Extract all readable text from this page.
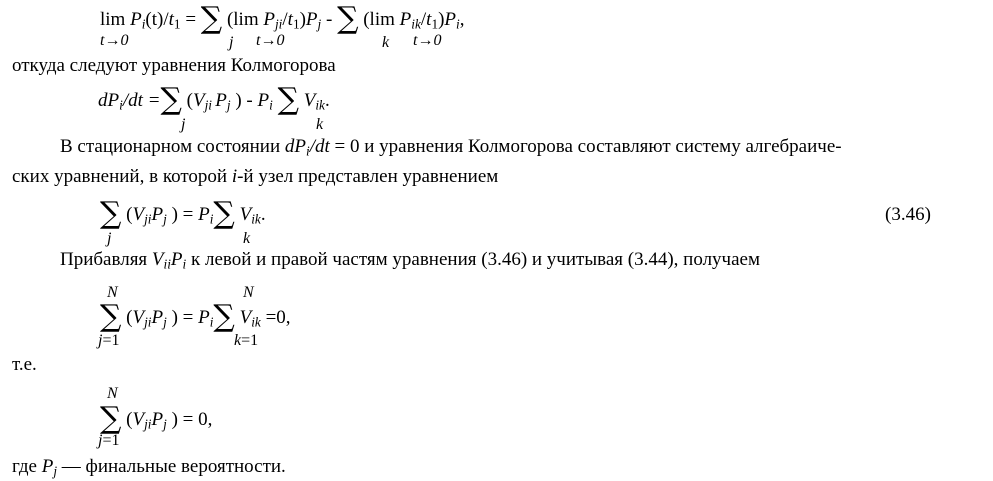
$\lim P_i(t)/t_1$ = ∑ (lim $P_{ji}/t_1)P_j$ - ∑ (lim $P_{ik}/t_1)P_i$,
t→0	j t→0	k t→0
откуда следуют уравнения Колмогорова
$dP_i/dt$ =∑ ($V_{ji}$ $P_j$ ) - $P_i$ ∑ $V_{ik}$.
j	k
В стационарном состоянии $dP_i/dt = 0$ и уравнения Колмогорова составляют систему алгебраиче-
ских уравнений, в которой i-й узел представлен уравнением
∑ ($V_{ji}P_j$ ) = $P_i\sum$ $V_{ik}$.
j	k
(3.46)
Прибавляя $V_{ii}P_i$ к левой и правой частям уравнения (3.46) и учитывая (3.44), получаем
N	N
∑ ($V_{ji}P_j$ ) = $P_i\sum$ $V_{ik} =0$,
j=1	k=1
т.е.
N
∑ ($V_{ji}P_j$ ) = 0,
j=1
где $P_j$ — финальные вероятности.
